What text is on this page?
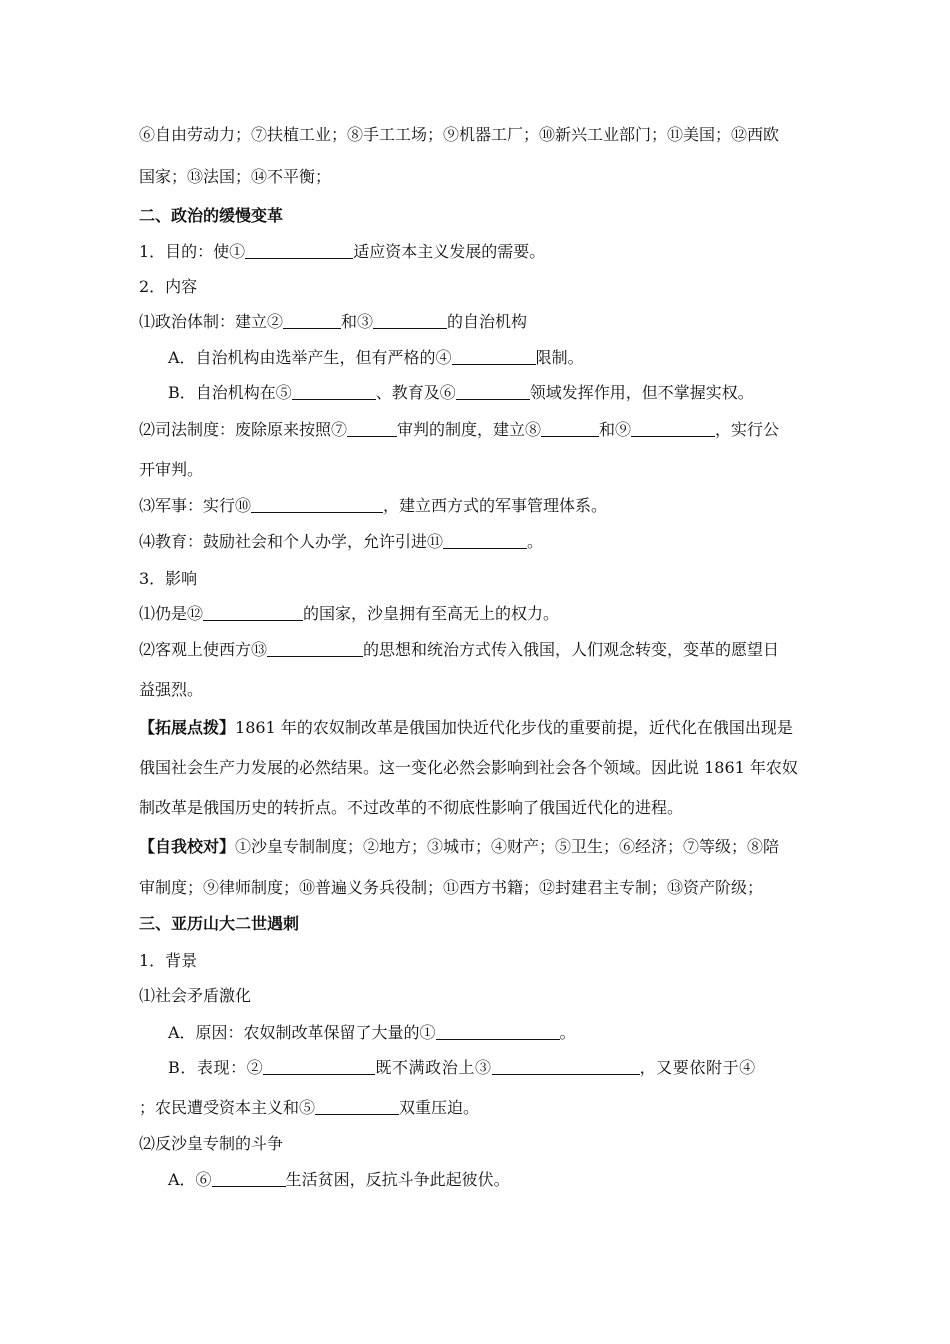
⑥自由劳动力；⑦扶植工业；⑧手工工场；⑨机器工厂；⑩新兴工业部门；⑪美国；⑫西欧
国家；⑬法国；⑭不平衡；
二、政治的缓慢变革
1．目的：使①	适应资本主义发展的需要。
2．内容
⑴政治体制：建立②	和③	的自治机构
A．自治机构由选举产生，但有严格的④	限制。
B．自治机构在⑤	、教育及⑥	领域发挥作用，但不掌握实权。
⑵司法制度：废除原来按照⑦	审判的制度，建立⑧	和⑨	，实行公
开审判。
⑶军事：实行⑩	，建立西方式的军事管理体系。
⑷教育：鼓励社会和个人办学，允许引进⑪	。
3．影响
⑴仍是⑫	的国家，沙皇拥有至高无上的权力。
⑵客观上使西方⑬	的思想和统治方式传入俄国，人们观念转变，变革的愿望日
益强烈。
【拓展点拨】1861 年的农奴制改革是俄国加快近代化步伐的重要前提，近代化在俄国出现是
俄国社会生产力发展的必然结果。这一变化必然会影响到社会各个领域。因此说 1861 年农奴
制改革是俄国历史的转折点。不过改革的不彻底性影响了俄国近代化的进程。
【自我校对】①沙皇专制制度；②地方；③城市；④财产；⑤卫生；⑥经济；⑦等级；⑧陪
审制度；⑨律师制度；⑩普遍义务兵役制；⑪西方书籍；⑫封建君主专制；⑬资产阶级；
三、亚历山大二世遇刺
1．背景
⑴社会矛盾激化
A．原因：农奴制改革保留了大量的①	。
B．表现：②	既不满政治上③	，又要依附于④
；农民遭受资本主义和⑤	双重压迫。
⑵反沙皇专制的斗争
A．⑥	生活贫困，反抗斗争此起彼伏。
